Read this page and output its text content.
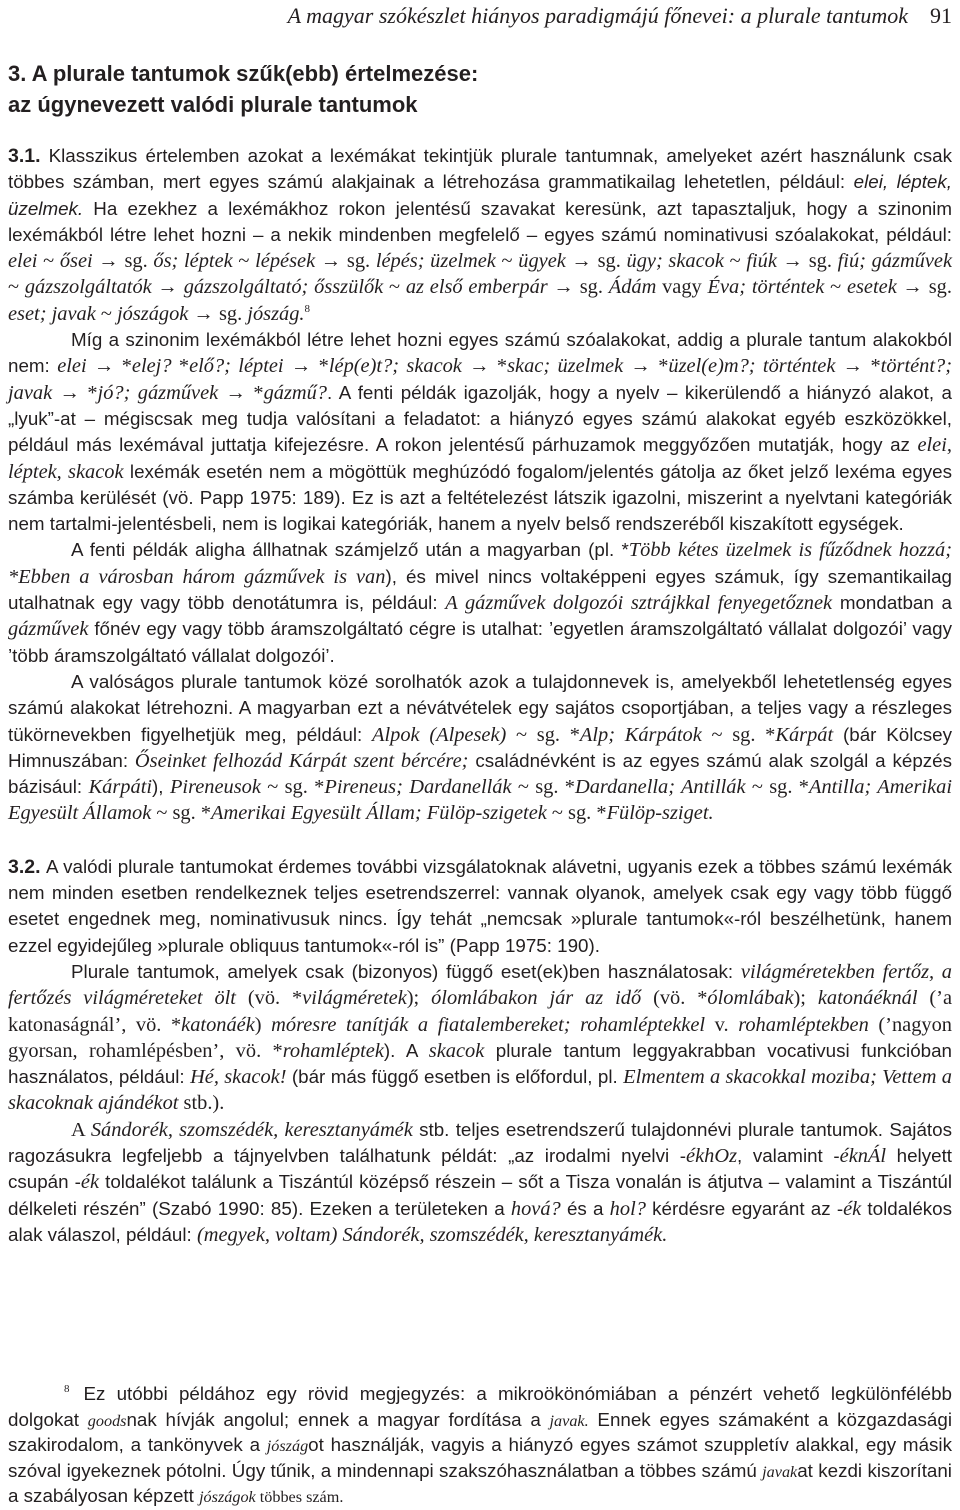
A magyar szókészlet hiányos paradigmájú főnevei: a plurale tantumok 91
3. A plurale tantumok szűk(ebb) értelmezése:
az úgynevezett valódi plurale tantumok

3.1. Klasszikus értelemben azokat a lexémákat tekintjük plurale tantumnak, amelyeket azért használunk csak többes számban, mert egyes számú alakjainak a létrehozása grammatikailag lehetetlen, például: elei, léptek, üzelmek. Ha ezekhez a lexémákhoz rokon jelentésű szavakat keresünk, azt tapasztaljuk, hogy a szinonim lexémákból létre lehet hozni – a nekik mindenben megfelelő – egyes számú nominativusi szóalakokat, például: elei ~ ősei → sg. ős; léptek ~ lépések → sg. lépés; üzelmek ~ ügyek → sg. ügy; skacok ~ fiúk → sg. fiú; gázművek ~ gázszolgáltatók → gázszolgáltató; ősszülők ~ az első emberpár → sg. Ádám vagy Éva; történtek ~ esetek → sg. eset; javak ~ jószágok → sg. jószág.$^8$

Míg a szinonim lexémákból létre lehet hozni egyes számú szóalakokat, addig a plurale tantum alakokból nem: elei → *elej? *elő?; léptei → *lép(e)t?; skacok → *skac; üzelmek → *üzel(e)m?; történtek → *történt?; javak → *jó?; gázművek → *gázmű?. A fenti példák igazolják, hogy a nyelv – kikerülendő a hiányzó alakot, a „lyuk”-at – mégiscsak meg tudja valósítani a feladatot: a hiányzó egyes számú alakokat egyéb eszközökkel, például más lexémával juttatja kifejezésre. A rokon jelentésű párhuzamok meggyőzően mutatják, hogy az elei, léptek, skacok lexémák esetén nem a mögöttük meghúzódó fogalom/jelentés gátolja az őket jelző lexéma egyes számba kerülését (vö. Papp 1975: 189). Ez is azt a feltételezést látszik igazolni, miszerint a nyelvtani kategóriák nem tartalmi-jelentésbeli, nem is logikai kategóriák, hanem a nyelv belső rendszeréből kiszakított egységek.

A fenti példák aligha állhatnak számjelző után a magyarban (pl. *Több kétes üzelmek is fűződnek hozzá; *Ebben a városban három gázművek is van), és mivel nincs voltaképpeni egyes számuk, így szemantikailag utalhatnak egy vagy több denotátumra is, például: A gázművek dolgozói sztrájkkal fenyegetőznek mondatban a gázművek főnév egy vagy több áramszolgáltató cégre is utalhat: ’egyetlen áramszolgáltató vállalat dolgozói’ vagy ’több áramszolgáltató vállalat dolgozói’.

A valóságos plurale tantumok közé sorolhatók azok a tulajdonnevek is, amelyekből lehetetlenség egyes számú alakokat létrehozni. A magyarban ezt a névátvételek egy sajátos csoportjában, a teljes vagy a részleges tükörnevekben figyelhetjük meg, például: Alpok (Alpesek) ~ sg. *Alp; Kárpátok ~ sg. *Kárpát (bár Kölcsey Himnuszában: Őseinket felhozád Kárpát szent bércére; családnévként is az egyes számú alak szolgál a képzés bázisául: Kárpáti), Pireneusok ~ sg. *Pireneus; Dardanellák ~ sg. *Dardanella; Antillák ~ sg. *Antilla; Amerikai Egyesült Államok ~ sg. *Amerikai Egyesült Állam; Fülöp-szigetek ~ sg. *Fülöp-sziget.

3.2. A valódi plurale tantumokat érdemes további vizsgálatoknak alávetni, ugyanis ezek a többes számú lexémák nem minden esetben rendelkeznek teljes esetrendszerrel: vannak olyanok, amelyek csak egy vagy több függő esetet engednek meg, nominativusuk nincs. Így tehát „nemcsak »plurale tantumok«-ról beszélhetünk, hanem ezzel egyidejűleg »plurale obliquus tantumok«-ról is” (Papp 1975: 190).

Plurale tantumok, amelyek csak (bizonyos) függő eset(ek)ben használatosak: világméretekben fertőz, a fertőzés világméreteket ölt (vö. *világméretek); ólomlábakon jár az idő (vö. *ólomlábak); katonáéknál (’a katonaságnál’, vö. *katonáék) móresre tanítják a fiatalembereket; rohamléptekkel v. rohamléptekben (’nagyon gyorsan, rohamlépésben’, vö. *rohamléptek). A skacok plurale tantum leggyakrabban vocativusi funkcióban használatos, például: Hé, skacok! (bár más függő esetben is előfordul, pl. Elmentem a skacokkal moziba; Vettem a skacoknak ajándékot stb.).

A Sándorék, szomszédék, keresztanyámék stb. teljes esetrendszerű tulajdonnévi plurale tantumok. Sajátos ragozásukra legfeljebb a tájnyelvben találhatunk példát: „az irodalmi nyelvi -ékhOz, valamint -éknÁl helyett csupán -ék toldalékot találunk a Tiszántúl középső részein – sőt a Tisza vonalán is átjutva – valamint a Tiszántúl délkeleti részén” (Szabó 1990: 85). Ezeken a területeken a hová? és a hol? kérdésre egyaránt az -ék toldalékos alak válaszol, például: (megyek, voltam) Sándorék, szomszédék, keresztanyámék.

$^8$ Ez utóbbi példához egy rövid megjegyzés: a mikroökönómiában a pénzért vehető legkülönfélébb dolgokat goodsnak hívják angolul; ennek a magyar fordítása a javak. Ennek egyes számaként a közgazdasági szakirodalom, a tankönyvek a jószágot használják, vagyis a hiányzó egyes számot szuppletív alakkal, egy másik szóval igyekeznek pótolni. Úgy tűnik, a mindennapi szakszóhasználatban a többes számú javakat kezdi kiszorítani a szabályosan képzett jószágok többes szám.
